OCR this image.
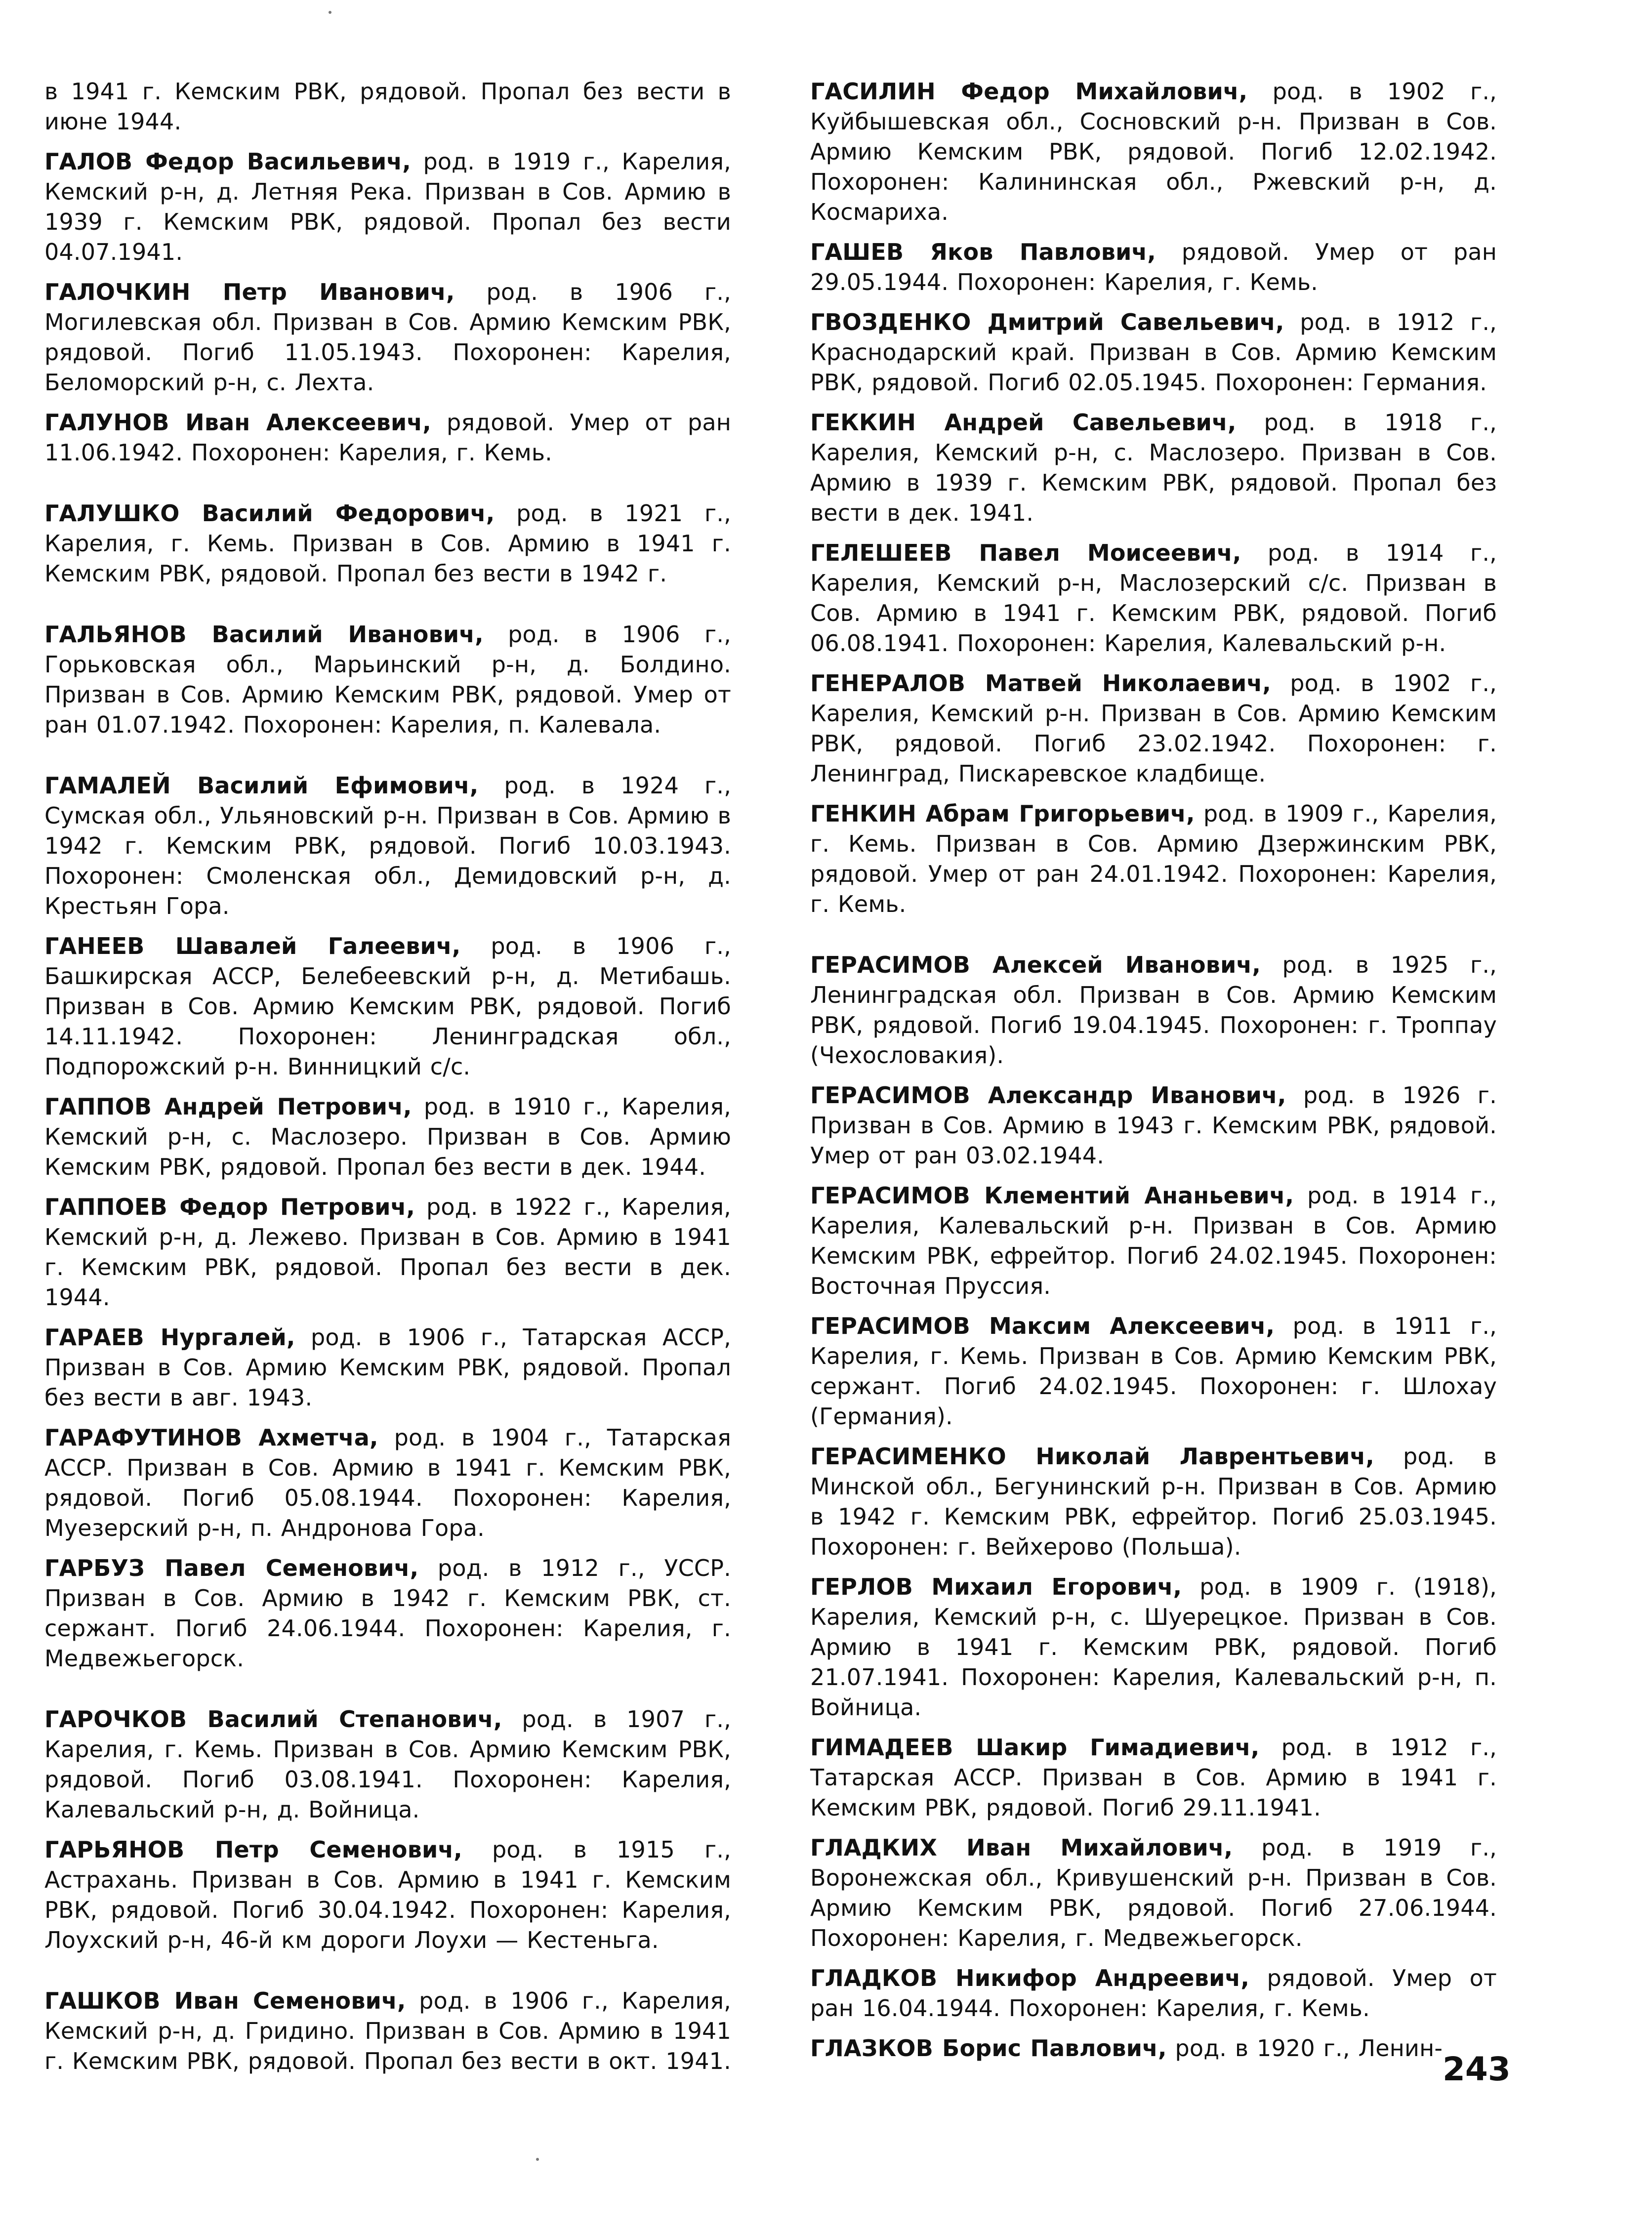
в 1941 г. Кемским РВК, рядовой. Пропал без вести в июне 1944.

ГАЛОВ Федор Васильевич, род. в 1919 г., Карелия, Кемский р-н, д. Летняя Река. Призван в Сов. Армию в 1939 г. Кемским РВК, рядовой. Пропал без вести 04.07.1941.

ГАЛОЧКИН Петр Иванович, род. в 1906 г., Могилевская обл. Призван в Сов. Армию Кемским РВК, рядовой. Погиб 11.05.1943. Похоронен: Карелия, Беломорский р-н, с. Лехта.

ГАЛУНОВ Иван Алексеевич, рядовой. Умер от ран 11.06.1942. Похоронен: Карелия, г. Кемь.

ГАЛУШКО Василий Федорович, род. в 1921 г., Карелия, г. Кемь. Призван в Сов. Армию в 1941 г. Кемским РВК, рядовой. Пропал без вести в 1942 г.

ГАЛЬЯНОВ Василий Иванович, род. в 1906 г., Горьковская обл., Марьинский р-н, д. Болдино. Призван в Сов. Армию Кемским РВК, рядовой. Умер от ран 01.07.1942. Похоронен: Карелия, п. Калевала.

ГАМАЛЕЙ Василий Ефимович, род. в 1924 г., Сумская обл., Ульяновский р-н. Призван в Сов. Армию в 1942 г. Кемским РВК, рядовой. Погиб 10.03.1943. Похоронен: Смоленская обл., Демидовский р-н, д. Крестьян Гора.

ГАНЕЕВ Шавалей Галеевич, род. в 1906 г., Башкирская АССР, Белебеевский р-н, д. Метибашь. Призван в Сов. Армию Кемским РВК, рядовой. Погиб 14.11.1942. Похоронен: Ленинградская обл., Подпорожский р-н. Винницкий с/с.

ГАППОВ Андрей Петрович, род. в 1910 г., Карелия, Кемский р-н, с. Маслозеро. Призван в Сов. Армию Кемским РВК, рядовой. Пропал без вести в дек. 1944.

ГАППОЕВ Федор Петрович, род. в 1922 г., Карелия, Кемский р-н, д. Лежево. Призван в Сов. Армию в 1941 г. Кемским РВК, рядовой. Пропал без вести в дек. 1944.

ГАРАЕВ Нургалей, род. в 1906 г., Татарская АССР, Призван в Сов. Армию Кемским РВК, рядовой. Пропал без вести в авг. 1943.

ГАРАФУТИНОВ Ахметча, род. в 1904 г., Татарская АССР. Призван в Сов. Армию в 1941 г. Кемским РВК, рядовой. Погиб 05.08.1944. Похоронен: Карелия, Муезерский р-н, п. Андронова Гора.

ГАРБУЗ Павел Семенович, род. в 1912 г., УССР. Призван в Сов. Армию в 1942 г. Кемским РВК, ст. сержант. Погиб 24.06.1944. Похоронен: Карелия, г. Медвежьегорск.

ГАРОЧКОВ Василий Степанович, род. в 1907 г., Карелия, г. Кемь. Призван в Сов. Армию Кемским РВК, рядовой. Погиб 03.08.1941. Похоронен: Карелия, Калевальский р-н, д. Войница.

ГАРЬЯНОВ Петр Семенович, род. в 1915 г., Астрахань. Призван в Сов. Армию в 1941 г. Кемским РВК, рядовой. Погиб 30.04.1942. Похоронен: Карелия, Лоухский р-н, 46-й км дороги Лоухи — Кестеньга.

ГАШКОВ Иван Семенович, род. в 1906 г., Карелия, Кемский р-н, д. Гридино. Призван в Сов. Армию в 1941 г. Кемским РВК, рядовой. Пропал без вести в окт. 1941.

ГАСИЛИН Федор Михайлович, род. в 1902 г., Куйбышевская обл., Сосновский р-н. Призван в Сов. Армию Кемским РВК, рядовой. Погиб 12.02.1942. Похоронен: Калининская обл., Ржевский р-н, д. Космариха.

ГАШЕВ Яков Павлович, рядовой. Умер от ран 29.05.1944. Похоронен: Карелия, г. Кемь.

ГВОЗДЕНКО Дмитрий Савельевич, род. в 1912 г., Краснодарский край. Призван в Сов. Армию Кемским РВК, рядовой. Погиб 02.05.1945. Похоронен: Германия.

ГЕККИН Андрей Савельевич, род. в 1918 г., Карелия, Кемский р-н, с. Маслозеро. Призван в Сов. Армию в 1939 г. Кемским РВК, рядовой. Пропал без вести в дек. 1941.

ГЕЛЕШЕЕВ Павел Моисеевич, род. в 1914 г., Карелия, Кемский р-н, Маслозерский с/с. Призван в Сов. Армию в 1941 г. Кемским РВК, рядовой. Погиб 06.08.1941. Похоронен: Карелия, Калевальский р-н.

ГЕНЕРАЛОВ Матвей Николаевич, род. в 1902 г., Карелия, Кемский р-н. Призван в Сов. Армию Кемским РВК, рядовой. Погиб 23.02.1942. Похоронен: г. Ленинград, Пискаревское кладбище.

ГЕНКИН Абрам Григорьевич, род. в 1909 г., Карелия, г. Кемь. Призван в Сов. Армию Дзержинским РВК, рядовой. Умер от ран 24.01.1942. Похоронен: Карелия, г. Кемь.

ГЕРАСИМОВ Алексей Иванович, род. в 1925 г., Ленинградская обл. Призван в Сов. Армию Кемским РВК, рядовой. Погиб 19.04.1945. Похоронен: г. Троппау (Чехословакия).

ГЕРАСИМОВ Александр Иванович, род. в 1926 г. Призван в Сов. Армию в 1943 г. Кемским РВК, рядовой. Умер от ран 03.02.1944.

ГЕРАСИМОВ Клементий Ананьевич, род. в 1914 г., Карелия, Калевальский р-н. Призван в Сов. Армию Кемским РВК, ефрейтор. Погиб 24.02.1945. Похоронен: Восточная Пруссия.

ГЕРАСИМОВ Максим Алексеевич, род. в 1911 г., Карелия, г. Кемь. Призван в Сов. Армию Кемским РВК, сержант. Погиб 24.02.1945. Похоронен: г. Шлохау (Германия).

ГЕРАСИМЕНКО Николай Лаврентьевич, род. в Минской обл., Бегунинский р-н. Призван в Сов. Армию в 1942 г. Кемским РВК, ефрейтор. Погиб 25.03.1945. Похоронен: г. Вейхерово (Польша).

ГЕРЛОВ Михаил Егорович, род. в 1909 г. (1918), Карелия, Кемский р-н, с. Шуерецкое. Призван в Сов. Армию в 1941 г. Кемским РВК, рядовой. Погиб 21.07.1941. Похоронен: Карелия, Калевальский р-н, п. Войница.

ГИМАДЕЕВ Шакир Гимадиевич, род. в 1912 г., Татарская АССР. Призван в Сов. Армию в 1941 г. Кемским РВК, рядовой. Погиб 29.11.1941.

ГЛАДКИХ Иван Михайлович, род. в 1919 г., Воронежская обл., Кривушенский р-н. Призван в Сов. Армию Кемским РВК, рядовой. Погиб 27.06.1944. Похоронен: Карелия, г. Медвежьегорск.

ГЛАДКОВ Никифор Андреевич, рядовой. Умер от ран 16.04.1944. Похоронен: Карелия, г. Кемь.

ГЛАЗКОВ Борис Павлович, род. в 1920 г., Ленин-

243
